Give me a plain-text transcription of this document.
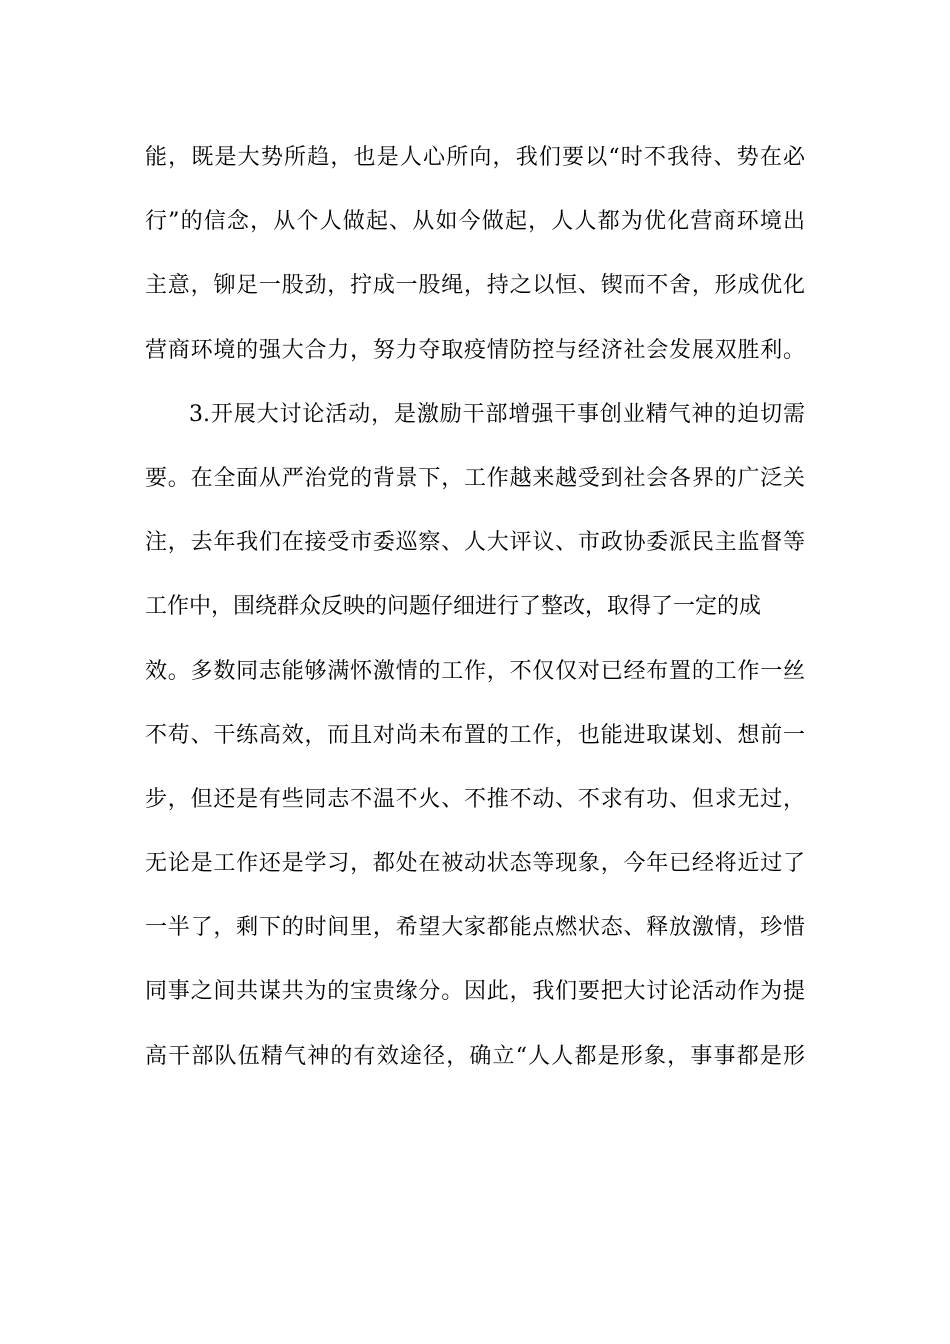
能，既是大势所趋，也是人心所向，我们要以“时不我待、势在必
行”的信念，从个人做起、从如今做起，人人都为优化营商环境出
主意，铆足一股劲，拧成一股绳，持之以恒、锲而不舍，形成优化
营商环境的强大合力，努力夺取疫情防控与经济社会发展双胜利。
3.开展大讨论活动，是激励干部增强干事创业精气神的迫切需
要。在全面从严治党的背景下，工作越来越受到社会各界的广泛关
注，去年我们在接受市委巡察、人大评议、市政协委派民主监督等
工作中，围绕群众反映的问题仔细进行了整改，取得了一定的成
效。多数同志能够满怀激情的工作，不仅仅对已经布置的工作一丝
不苟、干练高效，而且对尚未布置的工作，也能进取谋划、想前一
步，但还是有些同志不温不火、不推不动、不求有功、但求无过，
无论是工作还是学习，都处在被动状态等现象，今年已经将近过了
一半了，剩下的时间里，希望大家都能点燃状态、释放激情，珍惜
同事之间共谋共为的宝贵缘分。因此，我们要把大讨论活动作为提
高干部队伍精气神的有效途径，确立“人人都是形象，事事都是形
